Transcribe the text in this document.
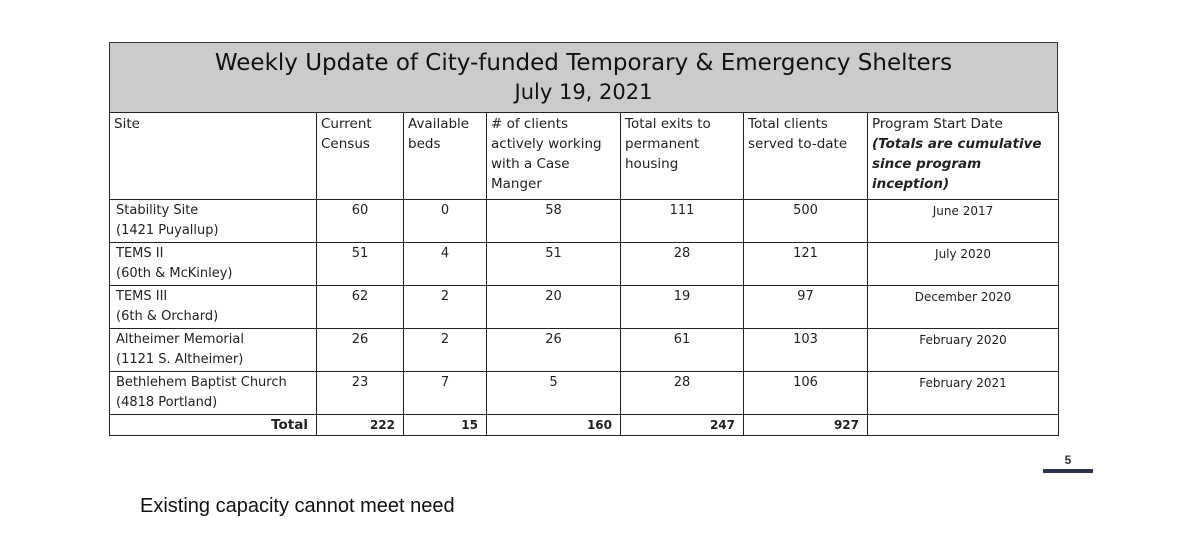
Weekly Update of City-funded Temporary & Emergency Shelters
July 19, 2021
Site	Current Census	Available beds	# of clients actively working with a Case Manger	Total exits to permanent housing	Total clients served to-date	Program Start Date
(Totals are cumulative since program inception)

Stability Site
(1421 Puyallup)	60	0	58	111	500	June 2017

TEMS II
(60th & McKinley)	51	4	51	28	121	July 2020

TEMS III
(6th & Orchard)	62	2	20	19	97	December 2020

Altheimer Memorial
(1121 S. Altheimer)	26	2	26	61	103	February 2020

Bethlehem Baptist Church
(4818 Portland)	23	7	5	28	106	February 2021
Total	222	15	160	247	927	
5
Existing capacity cannot meet need
